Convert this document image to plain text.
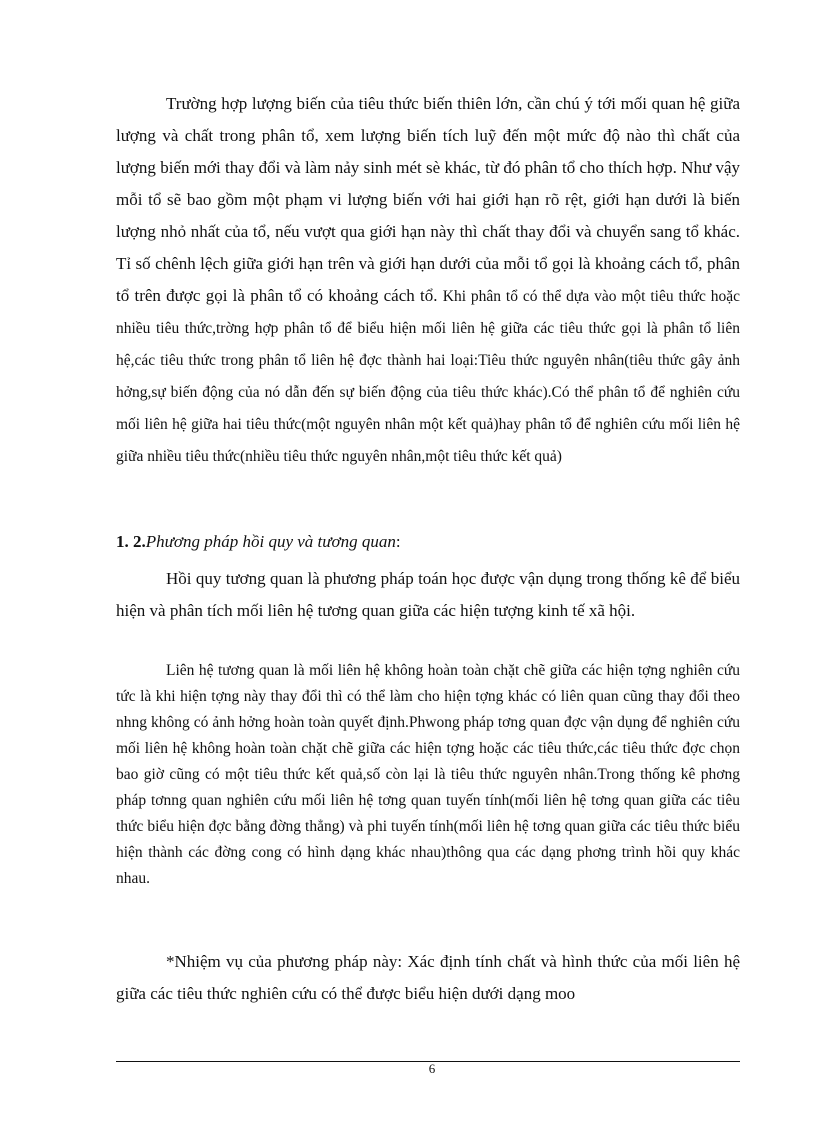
Trường hợp lượng biến của tiêu thức biến thiên lớn, cần chú ý tới mối quan hệ giữa lượng và chất trong phân tổ, xem lượng biến tích luỹ đến một mức độ nào thì chất của lượng biến mới thay đổi và làm nảy sinh mét sè khác, từ đó phân tổ cho thích hợp. Như vậy mỗi tổ sẽ bao gồm một phạm vi lượng biến với hai giới hạn rõ rệt, giới hạn dưới là biến lượng nhỏ nhất của tổ, nếu vượt qua giới hạn này thì chất thay đổi và chuyển sang tổ khác. Tỉ số chênh lệch giữa giới hạn trên và giới hạn dưới của mỗi tổ gọi là khoảng cách tổ, phân tổ trên được gọi là phân tổ có khoảng cách tổ. Khi phân tổ có thể dựa vào một tiêu thức hoặc nhiều tiêu thức,trờng hợp phân tổ để biểu hiện mối liên hệ giữa các tiêu thức gọi là phân tổ liên hệ,các tiêu thức trong phân tổ liên hệ đợc thành hai loại:Tiêu thức nguyên nhân(tiêu thức gây ảnh hởng,sự biến động của nó dẫn đến sự biến động của tiêu thức khác).Có thể phân tổ để nghiên cứu mối liên hệ giữa hai tiêu thức(một nguyên nhân một kết quả)hay phân tổ để nghiên cứu mối liên hệ giữa nhiều tiêu thức(nhiều tiêu thức nguyên nhân,một tiêu thức kết quả)
1. 2.Phương pháp hồi quy và tương quan:

Hồi quy tương quan là phương pháp toán học được vận dụng trong thống kê để biểu hiện và phân tích mối liên hệ tương quan giữa các hiện tượng kinh tế xã hội.

Liên hệ tương quan là mối liên hệ không hoàn toàn chặt chẽ giữa các hiện tợng nghiên cứu tức là khi hiện tợng này thay đổi thì có thể làm cho hiện tợng khác có liên quan cũng thay đổi theo nhng không có ảnh hởng hoàn toàn quyết định.Phwong pháp tơng quan đợc vận dụng để nghiên cứu mối liên hệ không hoàn toàn chặt chẽ giữa các hiện tợng hoặc các tiêu thức,các tiêu thức đợc chọn bao giờ cũng có một tiêu thức kết quả,số còn lại là tiêu thức nguyên nhân.Trong thống kê phơng pháp tơnng quan nghiên cứu mối liên hệ tơng quan tuyến tính(mối liên hệ tơng quan giữa các tiêu thức biểu hiện đợc bằng đờng thẳng) và phi tuyến tính(mối liên hệ tơng quan giữa các tiêu thức biểu hiện thành các đờng cong có hình dạng khác nhau)thông qua các dạng phơng trình hồi quy khác nhau.

*Nhiệm vụ của phương pháp này: Xác định tính chất và hình thức của mối liên hệ giữa các tiêu thức nghiên cứu có thể được biểu hiện dưới dạng moo

6
